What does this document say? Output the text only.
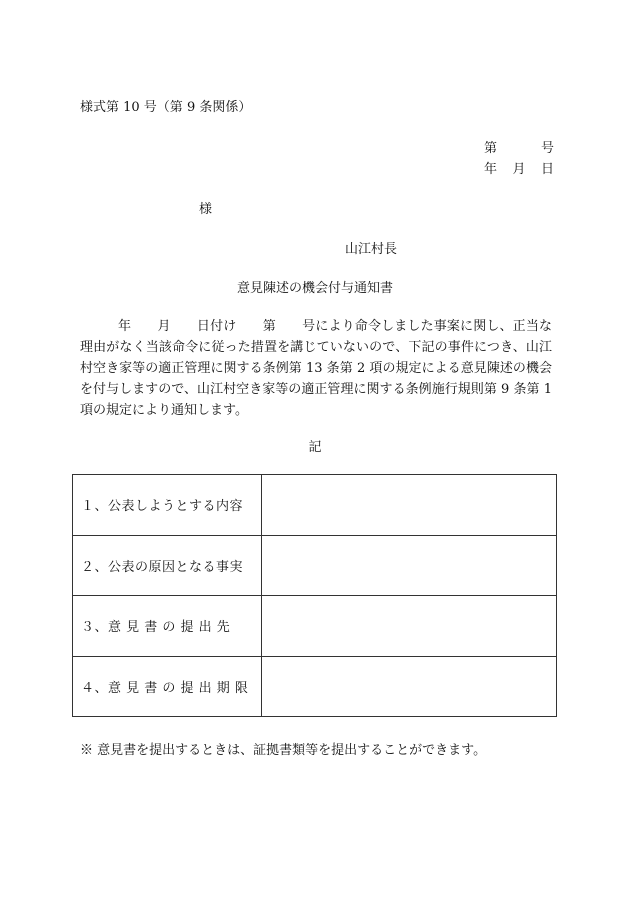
様式第 10 号（第 9 条関係）
第　　号
年　月　日
様
山江村長
意見陳述の機会付与通知書
年　　月　　日付け　　第　　号により命令しました事案に関し、正当な理由がなく当該命令に従った措置を講じていないので、下記の事件につき、山江村空き家等の適正管理に関する条例第 13 条第 2 項の規定による意見陳述の機会を付与しますので、山江村空き家等の適正管理に関する条例施行規則第 9 条第 1 項の規定により通知します。
記
１、公表しようとする内容	
２、公表の原因となる事実	
３、意 見 書 の 提 出 先	
４、意 見 書 の 提 出 期 限	
※ 意見書を提出するときは、証拠書類等を提出することができます。
